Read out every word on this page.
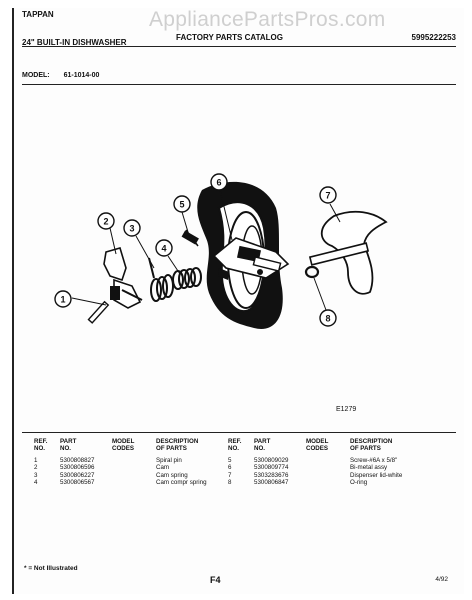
AppliancePartsPros.com
TAPPAN
24" BUILT-IN DISHWASHER
FACTORY PARTS CATALOG	5995222253
MODEL: 61-1014-00
1
2
3
4
5
6
7
8
E1279
REF.
NO.	PART
NO.	MODEL
CODES	DESCRIPTION
OF PARTS
1	5300808827		Spiral pin
2	5300806596		Cam
3	5300806227		Cam spring
4	5300806567		Cam compr spring
REF.
NO.	PART
NO.	MODEL
CODES	DESCRIPTION
OF PARTS
5	5300809029		Screw-#6A x 5/8"
6	5300809774		Bi-metal assy
7	5303283676		Dispenser lid-white
8	5300806847		O-ring
* = Not Illustrated
F4	4/92
